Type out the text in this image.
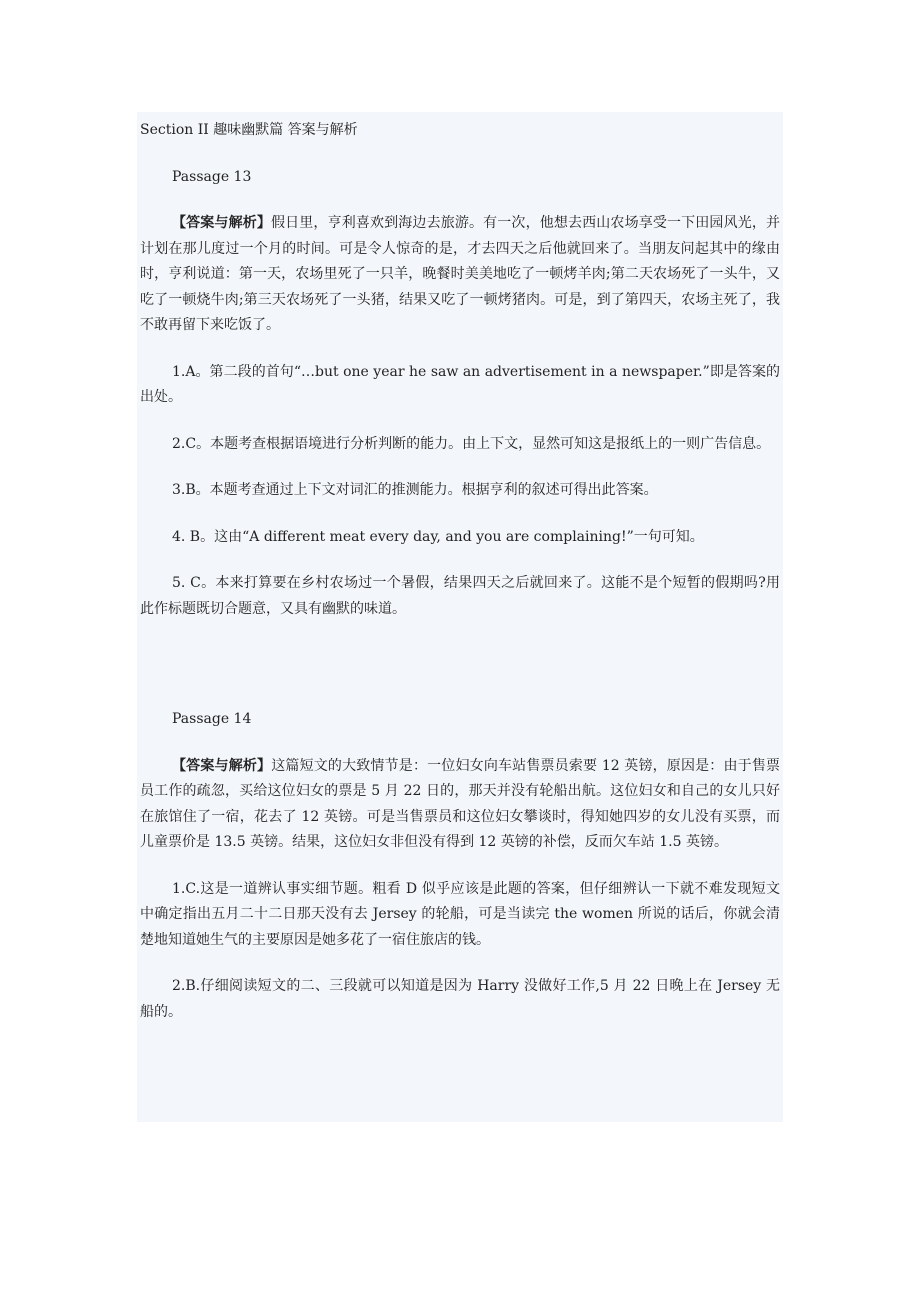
Section II 趣味幽默篇 答案与解析

Passage 13

【答案与解析】假日里，亨利喜欢到海边去旅游。有一次，他想去西山农场享受一下田园风光，并计划在那儿度过一个月的时间。可是令人惊奇的是，才去四天之后他就回来了。当朋友问起其中的缘由时，亨利说道：第一天，农场里死了一只羊，晚餐时美美地吃了一顿烤羊肉;第二天农场死了一头牛，又吃了一顿烧牛肉;第三天农场死了一头猪，结果又吃了一顿烤猪肉。可是，到了第四天，农场主死了，我不敢再留下来吃饭了。

1.A。第二段的首句“…but one year he saw an advertisement in a newspaper.”即是答案的出处。

2.C。本题考查根据语境进行分析判断的能力。由上下文，显然可知这是报纸上的一则广告信息。

3.B。本题考查通过上下文对词汇的推测能力。根据亨利的叙述可得出此答案。

4. B。这由“A different meat every day, and you are complaining!”一句可知。

5. C。本来打算要在乡村农场过一个暑假，结果四天之后就回来了。这能不是个短暂的假期吗?用此作标题既切合题意，又具有幽默的味道。

Passage 14

【答案与解析】这篇短文的大致情节是：一位妇女向车站售票员索要 12 英镑，原因是：由于售票员工作的疏忽，买给这位妇女的票是 5 月 22 日的，那天并没有轮船出航。这位妇女和自己的女儿只好在旅馆住了一宿，花去了 12 英镑。可是当售票员和这位妇女攀谈时，得知她四岁的女儿没有买票，而儿童票价是 13.5 英镑。结果，这位妇女非但没有得到 12 英镑的补偿，反而欠车站 1.5 英镑。

1.C.这是一道辨认事实细节题。粗看 D 似乎应该是此题的答案，但仔细辨认一下就不难发现短文中确定指出五月二十二日那天没有去 Jersey 的轮船，可是当读完 the women 所说的话后，你就会清楚地知道她生气的主要原因是她多花了一宿住旅店的钱。

2.B.仔细阅读短文的二、三段就可以知道是因为 Harry 没做好工作,5 月 22 日晚上在 Jersey 无船的。
